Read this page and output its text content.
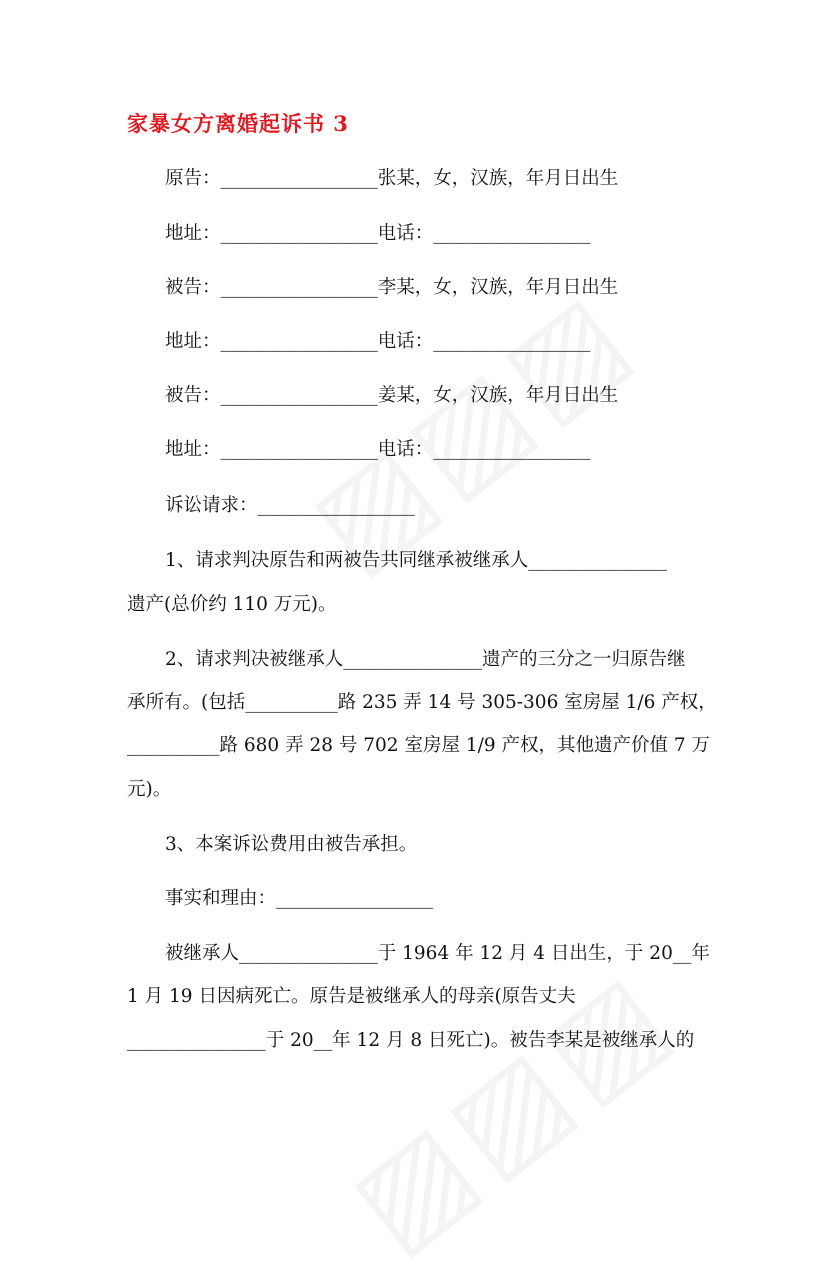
家暴女方离婚起诉书 3
原告：_________________张某，女，汉族，年月日出生
地址：_________________电话：_________________
被告：_________________李某，女，汉族，年月日出生
地址：_________________电话：_________________
被告：_________________姜某，女，汉族，年月日出生
地址：_________________电话：_________________
诉讼请求：_________________
1、请求判决原告和两被告共同继承被继承人_______________
遗产(总价约 110 万元)。
2、请求判决被继承人_______________遗产的三分之一归原告继
承所有。(包括__________路 235 弄 14 号 305-306 室房屋 1/6 产权，
__________路 680 弄 28 号 702 室房屋 1/9 产权，其他遗产价值 7 万
元)。
3、本案诉讼费用由被告承担。
事实和理由：_________________
被继承人_______________于 1964 年 12 月 4 日出生，于 20__年
1 月 19 日因病死亡。原告是被继承人的母亲(原告丈夫
_______________于 20__年 12 月 8 日死亡)。被告李某是被继承人的
